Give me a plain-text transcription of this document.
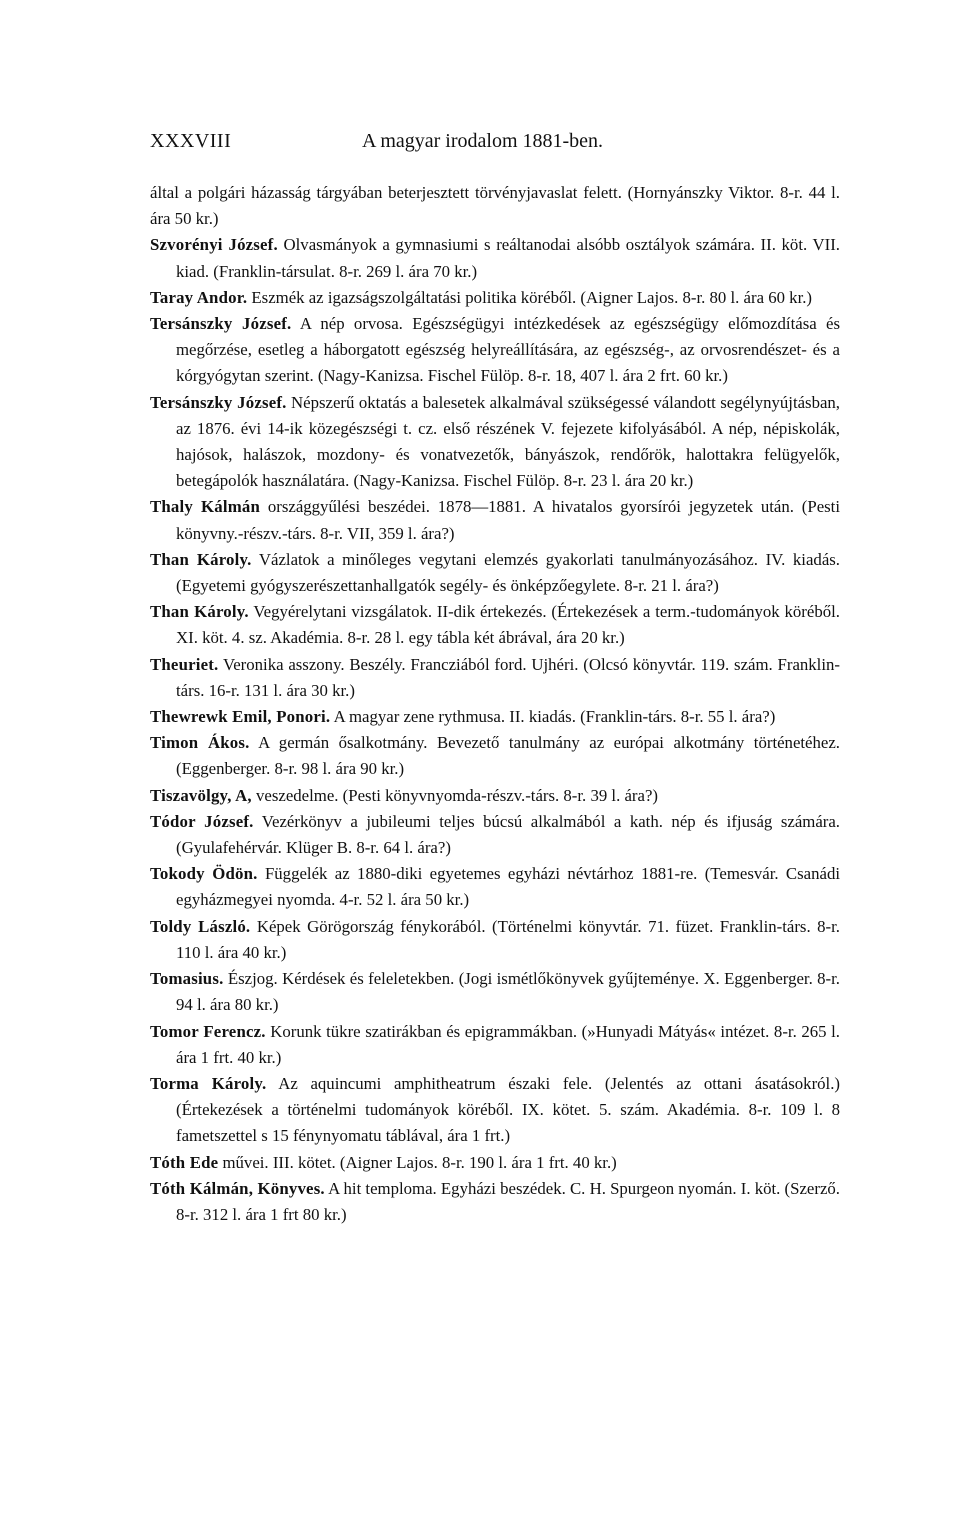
XXXVIII	A magyar irodalom 1881-ben.

által a polgári házasság tárgyában beterjesztett törvényjavaslat felett. (Hornyánszky Viktor. 8-r. 44 l. ára 50 kr.)

Szvorényi József. Olvasmányok a gymnasiumi s reáltanodai alsóbb osztályok számára. II. köt. VII. kiad. (Franklin-társulat. 8-r. 269 l. ára 70 kr.)

Taray Andor. Eszmék az igazságszolgáltatási politika köréből. (Aigner Lajos. 8-r. 80 l. ára 60 kr.)

Tersánszky József. A nép orvosa. Egészségügyi intézkedések az egészségügy előmozdítása és megőrzése, esetleg a háborgatott egészség helyreállítására, az egészség-, az orvosrendészet- és a kórgyógytan szerint. (Nagy-Kanizsa. Fischel Fülöp. 8-r. 18, 407 l. ára 2 frt. 60 kr.)

Tersánszky József. Népszerű oktatás a balesetek alkalmával szükségessé válandott segélynyújtásban, az 1876. évi 14-ik közegészségi t. cz. első részének V. fejezete kifolyásából. A nép, népiskolák, hajósok, halászok, mozdony- és vonatvezetők, bányászok, rendőrök, halottakra felügyelők, betegápolók használatára. (Nagy-Kanizsa. Fischel Fülöp. 8-r. 23 l. ára 20 kr.)

Thaly Kálmán országgyűlési beszédei. 1878—1881. A hivatalos gyorsírói jegyzetek után. (Pesti könyvny.-részv.-társ. 8-r. VII, 359 l. ára?)

Than Károly. Vázlatok a minőleges vegytani elemzés gyakorlati tanulmányozásához. IV. kiadás. (Egyetemi gyógyszerészettanhallgatók segély- és önképzőegylete. 8-r. 21 l. ára?)

Than Károly. Vegyérelytani vizsgálatok. II-dik értekezés. (Értekezések a term.-tudományok köréből. XI. köt. 4. sz. Akadémia. 8-r. 28 l. egy tábla két ábrával, ára 20 kr.)

Theuriet. Veronika asszony. Beszély. Francziából ford. Ujhéri. (Olcsó könyvtár. 119. szám. Franklin-társ. 16-r. 131 l. ára 30 kr.)

Thewrewk Emil, Ponori. A magyar zene rythmusa. II. kiadás. (Franklin-társ. 8-r. 55 l. ára?)

Timon Ákos. A germán ősalkotmány. Bevezető tanulmány az európai alkotmány történetéhez. (Eggenberger. 8-r. 98 l. ára 90 kr.)

Tiszavölgy, A, veszedelme. (Pesti könyvnyomda-részv.-társ. 8-r. 39 l. ára?)

Tódor József. Vezérkönyv a jubileumi teljes búcsú alkalmából a kath. nép és ifjuság számára. (Gyulafehérvár. Klüger B. 8-r. 64 l. ára?)

Tokody Ödön. Függelék az 1880-diki egyetemes egyházi névtárhoz 1881-re. (Temesvár. Csanádi egyházmegyei nyomda. 4-r. 52 l. ára 50 kr.)

Toldy László. Képek Görögország fénykorából. (Történelmi könyvtár. 71. füzet. Franklin-társ. 8-r. 110 l. ára 40 kr.)

Tomasius. Észjog. Kérdések és feleletekben. (Jogi ismétlőkönyvek gyűjteménye. X. Eggenberger. 8-r. 94 l. ára 80 kr.)

Tomor Ferencz. Korunk tükre szatirákban és epigrammákban. (»Hunyadi Mátyás« intézet. 8-r. 265 l. ára 1 frt. 40 kr.)

Torma Károly. Az aquincumi amphitheatrum északi fele. (Jelentés az ottani ásatásokról.) (Értekezések a történelmi tudományok köréből. IX. kötet. 5. szám. Akadémia. 8-r. 109 l. 8 fametszettel s 15 fénynyomatu táblával, ára 1 frt.)

Tóth Ede művei. III. kötet. (Aigner Lajos. 8-r. 190 l. ára 1 frt. 40 kr.)

Tóth Kálmán, Könyves. A hit temploma. Egyházi beszédek. C. H. Spurgeon nyomán. I. köt. (Szerző. 8-r. 312 l. ára 1 frt 80 kr.)
